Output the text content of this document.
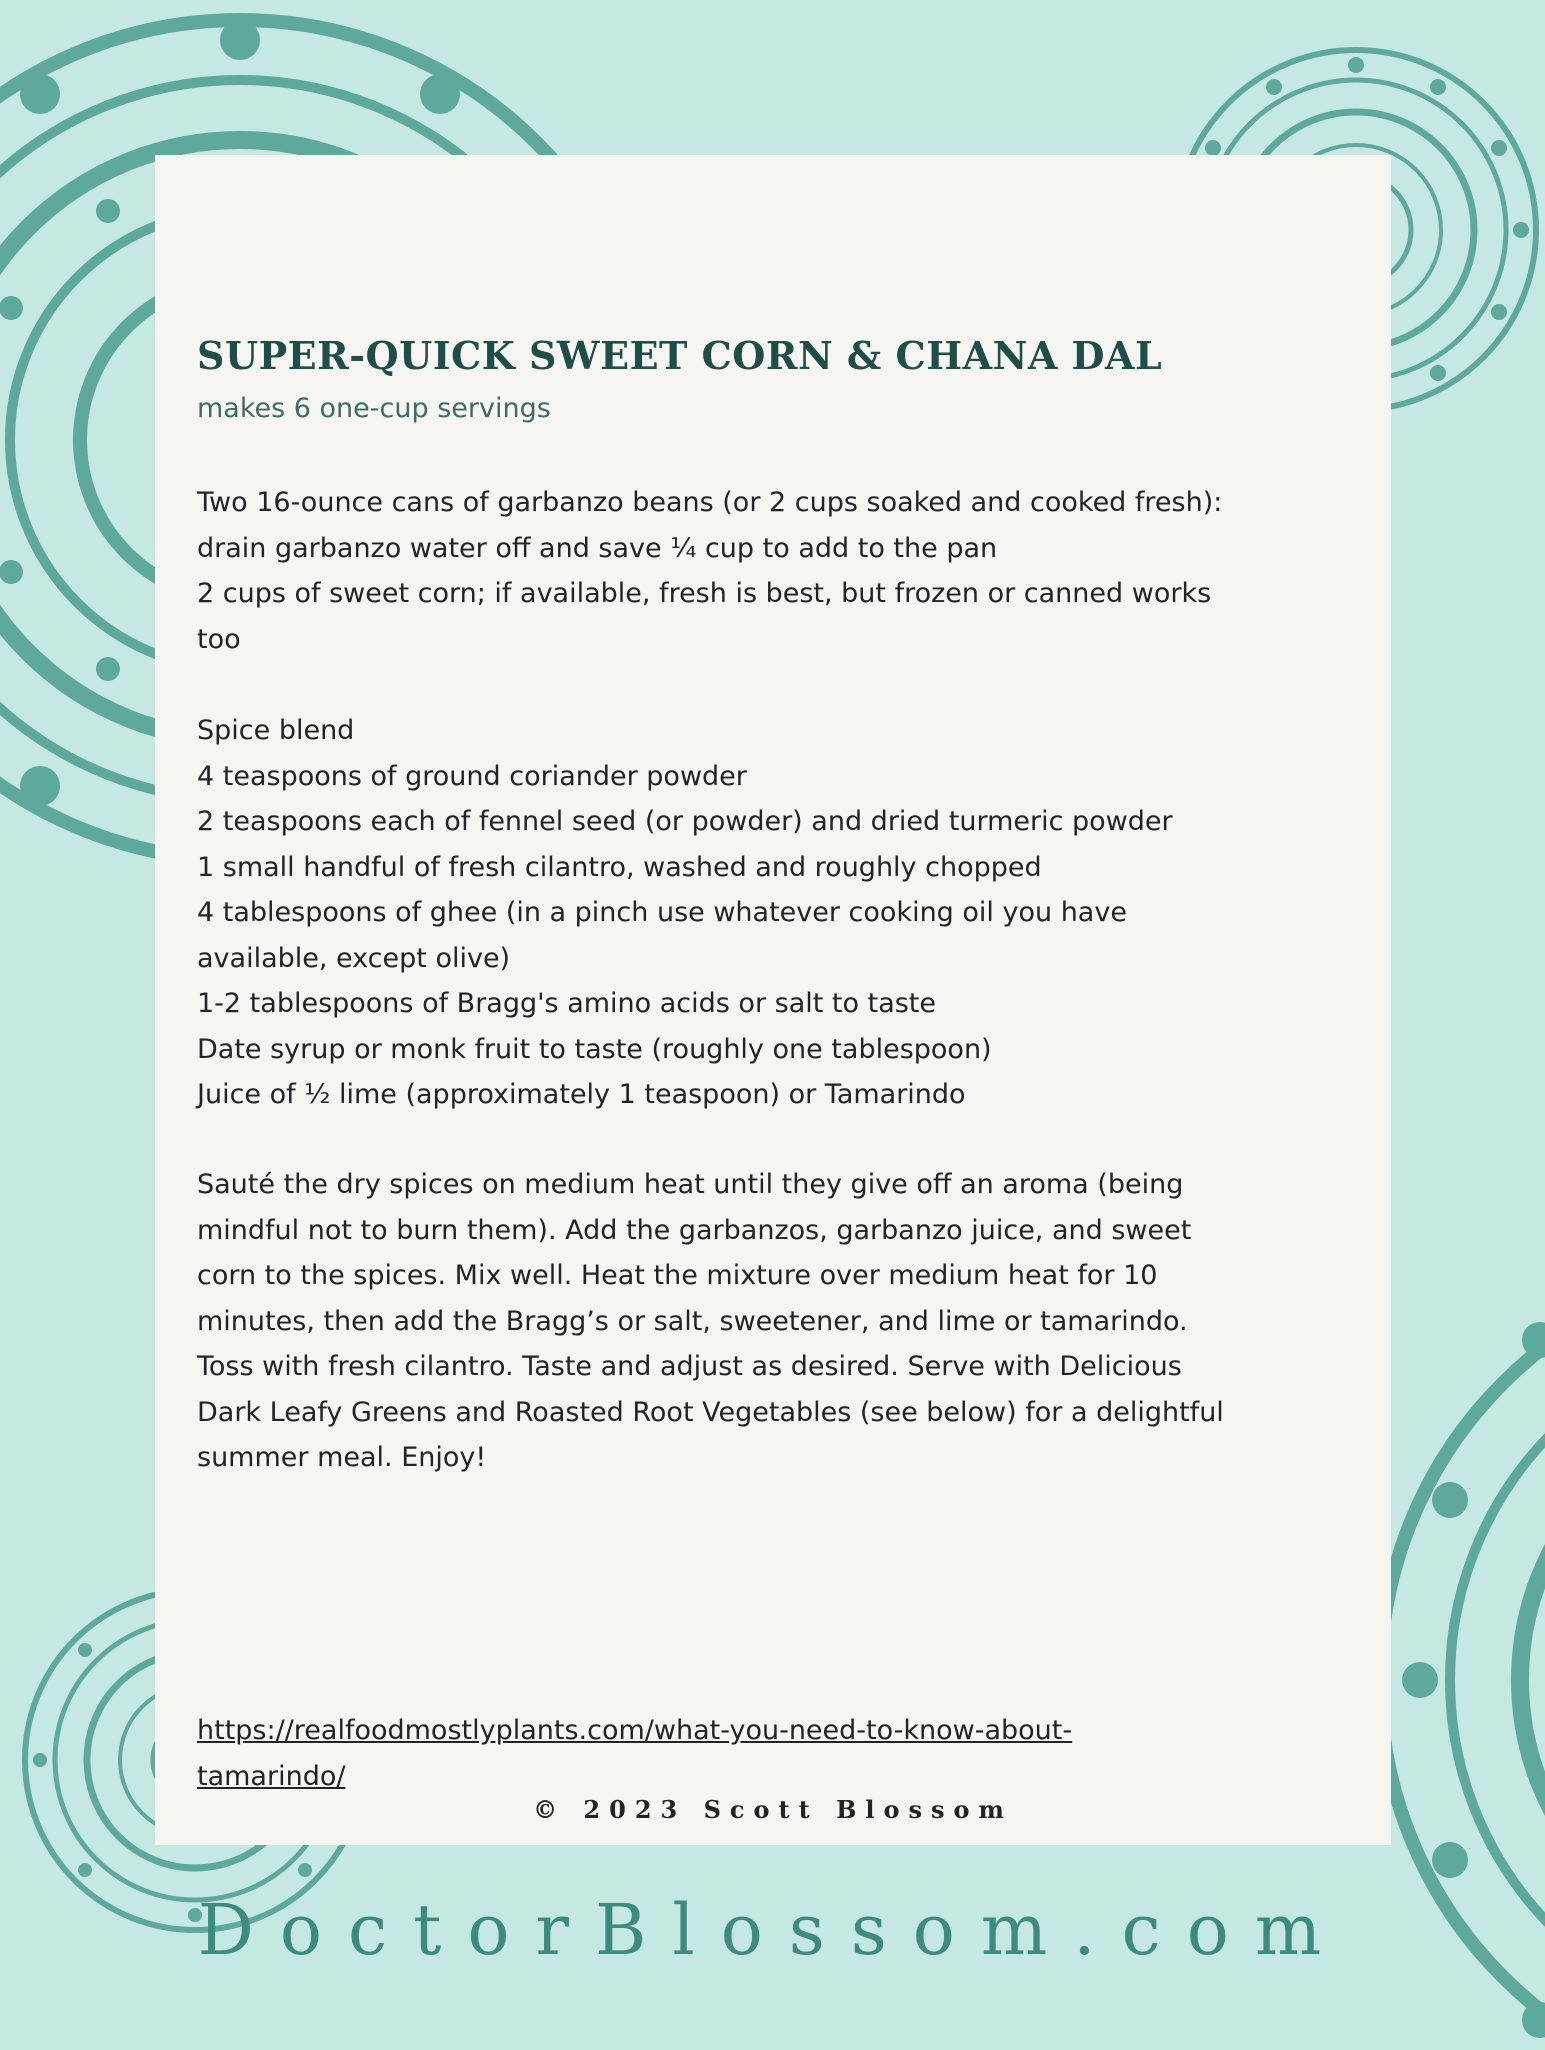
SUPER-QUICK SWEET CORN & CHANA DAL

makes 6 one-cup servings

Two 16-ounce cans of garbanzo beans (or 2 cups soaked and cooked fresh):
drain garbanzo water off and save ¼ cup to add to the pan
2 cups of sweet corn; if available, fresh is best, but frozen or canned works
too
Spice blend
4 teaspoons of ground coriander powder
2 teaspoons each of fennel seed (or powder) and dried turmeric powder
1 small handful of fresh cilantro, washed and roughly chopped
4 tablespoons of ghee (in a pinch use whatever cooking oil you have
available, except olive)
1-2 tablespoons of Bragg's amino acids or salt to taste
Date syrup or monk fruit to taste (roughly one tablespoon)
Juice of ½ lime (approximately 1 teaspoon) or Tamarindo
Sauté the dry spices on medium heat until they give off an aroma (being
mindful not to burn them). Add the garbanzos, garbanzo juice, and sweet
corn to the spices. Mix well. Heat the mixture over medium heat for 10
minutes, then add the Bragg’s or salt, sweetener, and lime or tamarindo.
Toss with fresh cilantro. Taste and adjust as desired. Serve with Delicious
Dark Leafy Greens and Roasted Root Vegetables (see below) for a delightful
summer meal. Enjoy!
https://realfoodmostlyplants.com/what-you-need-to-know-about-
tamarindo/
© 2023 Scott Blossom
DoctorBlossom.com
